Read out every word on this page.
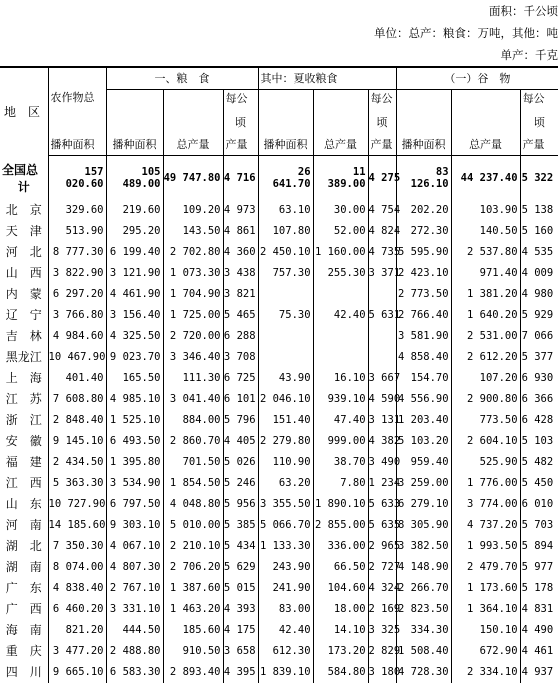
面积：千公顷
单位：总产：粮食：万吨，其他：吨
单产：千克
地　区		一、粮　食			其中：夏收粮食			（一）谷　物		
	农作物总			每公			每公			每公
				顷			顷			顷
	播种面积	播种面积	总产量	产量	播种面积	总产量	产量	播种面积	总产量	产量
全国总	157	105	49 747.80	4 716	26	11	4 275	83	44 237.40	5 322
计	020.60	489.00			641.70	389.00		126.10		
北　京	329.60	219.60	109.20	4 973	63.10	30.00	4 754	202.20	103.90	5 138
天　津	513.90	295.20	143.50	4 861	107.80	52.00	4 824	272.30	140.50	5 160
河　北	8 777.30	6 199.40	2 702.80	4 360	2 450.10	1 160.00	4 735	5 595.90	2 537.80	4 535
山　西	3 822.90	3 121.90	1 073.30	3 438	757.30	255.30	3 371	2 423.10	971.40	4 009
内　蒙	6 297.20	4 461.90	1 704.90	3 821				2 773.50	1 381.20	4 980
辽　宁	3 766.80	3 156.40	1 725.00	5 465	75.30	42.40	5 631	2 766.40	1 640.20	5 929
吉　林	4 984.60	4 325.50	2 720.00	6 288				3 581.90	2 531.00	7 066
黑龙江	10 467.90	9 023.70	3 346.40	3 708				4 858.40	2 612.20	5 377
上　海	401.40	165.50	111.30	6 725	43.90	16.10	3 667	154.70	107.20	6 930
江　苏	7 608.80	4 985.10	3 041.40	6 101	2 046.10	939.10	4 590	4 556.90	2 900.80	6 366
浙　江	2 848.40	1 525.10	884.00	5 796	151.40	47.40	3 131	1 203.40	773.50	6 428
安　徽	9 145.10	6 493.50	2 860.70	4 405	2 279.80	999.00	4 382	5 103.20	2 604.10	5 103
福　建	2 434.50	1 395.80	701.50	5 026	110.90	38.70	3 490	959.40	525.90	5 482
江　西	5 363.30	3 534.90	1 854.50	5 246	63.20	7.80	1 234	3 259.00	1 776.00	5 450
山　东	10 727.90	6 797.50	4 048.80	5 956	3 355.50	1 890.10	5 633	6 279.10	3 774.00	6 010
河　南	14 185.60	9 303.10	5 010.00	5 385	5 066.70	2 855.00	5 635	8 305.90	4 737.20	5 703
湖　北	7 350.30	4 067.10	2 210.10	5 434	1 133.30	336.00	2 965	3 382.50	1 993.50	5 894
湖　南	8 074.00	4 807.30	2 706.20	5 629	243.90	66.50	2 727	4 148.90	2 479.70	5 977
广　东	4 838.40	2 767.10	1 387.60	5 015	241.90	104.60	4 324	2 266.70	1 173.60	5 178
广　西	6 460.20	3 331.10	1 463.20	4 393	83.00	18.00	2 169	2 823.50	1 364.10	4 831
海　南	821.20	444.50	185.60	4 175	42.40	14.10	3 325	334.30	150.10	4 490
重　庆	3 477.20	2 488.80	910.50	3 658	612.30	173.20	2 829	1 508.40	672.90	4 461
四　川	9 665.10	6 583.30	2 893.40	4 395	1 839.10	584.80	3 180	4 728.30	2 334.10	4 937
